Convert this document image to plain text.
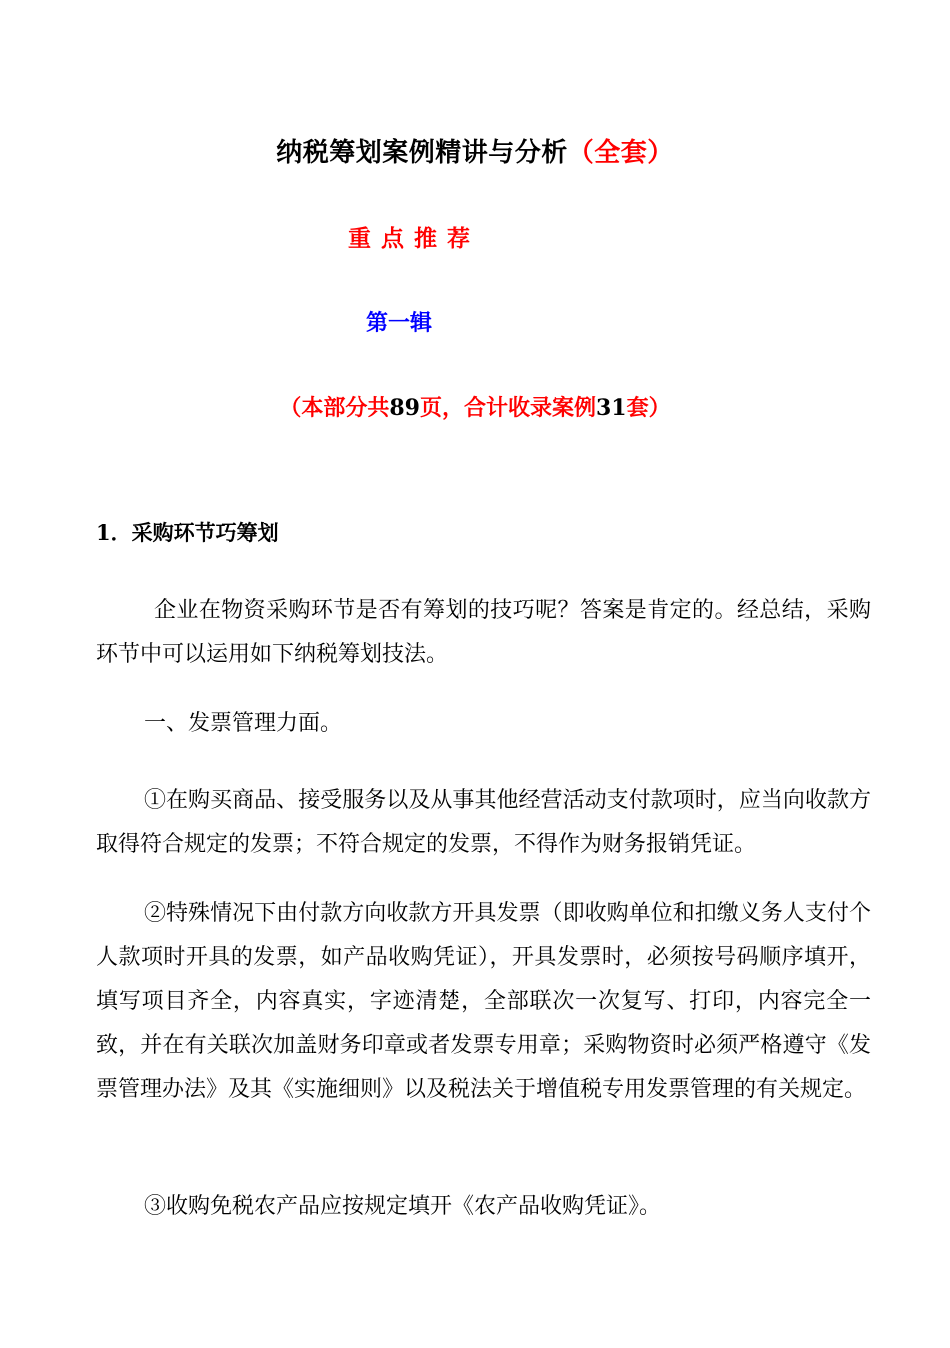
纳税筹划案例精讲与分析（全套）
重点推荐
第一辑
（本部分共89页，合计收录案例31套）
1．采购环节巧筹划

企业在物资采购环节是否有筹划的技巧呢？答案是肯定的。经总结，采购环节中可以运用如下纳税筹划技法。

一、发票管理力面。

①在购买商品、接受服务以及从事其他经营活动支付款项时，应当向收款方取得符合规定的发票；不符合规定的发票，不得作为财务报销凭证。

②特殊情况下由付款方向收款方开具发票（即收购单位和扣缴义务人支付个人款项时开具的发票，如产品收购凭证），开具发票时，必须按号码顺序填开，填写项目齐全，内容真实，字迹清楚，全部联次一次复写、打印，内容完全一致，并在有关联次加盖财务印章或者发票专用章；采购物资时必须严格遵守《发票管理办法》及其《实施细则》以及税法关于增值税专用发票管理的有关规定。

③收购免税农产品应按规定填开《农产品收购凭证》。
